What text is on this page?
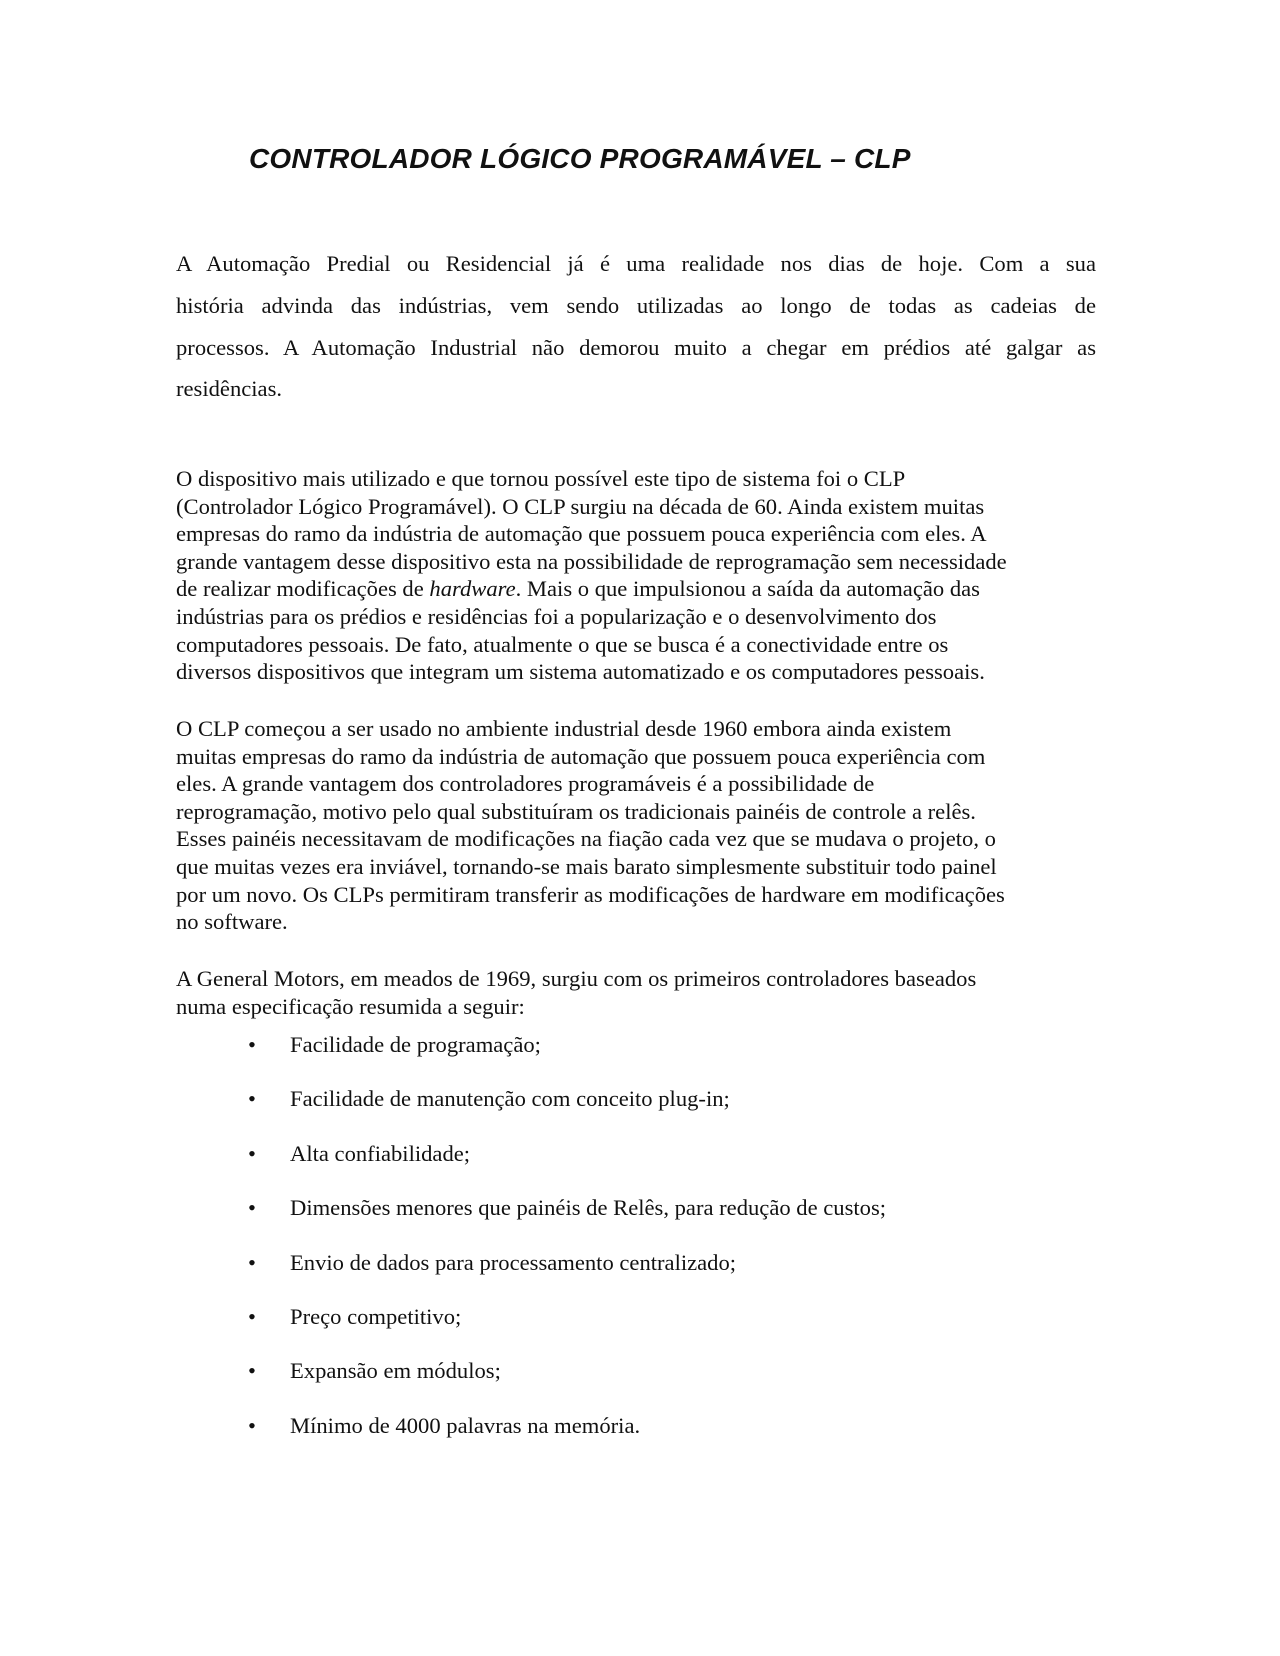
CONTROLADOR LÓGICO PROGRAMÁVEL – CLP

A Automação Predial ou Residencial já é uma realidade nos dias de hoje. Com a sua
história advinda das indústrias, vem sendo utilizadas ao longo de todas as cadeias de
processos. A Automação Industrial não demorou muito a chegar em prédios até galgar as
residências.

O dispositivo mais utilizado e que tornou possível este tipo de sistema foi o CLP
(Controlador Lógico Programável). O CLP surgiu na década de 60. Ainda existem muitas
empresas do ramo da indústria de automação que possuem pouca experiência com eles. A
grande vantagem desse dispositivo esta na possibilidade de reprogramação sem necessidade
de realizar modificações de hardware. Mais o que impulsionou a saída da automação das
indústrias para os prédios e residências foi a popularização e o desenvolvimento dos
computadores pessoais. De fato, atualmente o que se busca é a conectividade entre os
diversos dispositivos que integram um sistema automatizado e os computadores pessoais.

O CLP começou a ser usado no ambiente industrial desde 1960 embora ainda existem
muitas empresas do ramo da indústria de automação que possuem pouca experiência com
eles. A grande vantagem dos controladores programáveis é a possibilidade de
reprogramação, motivo pelo qual substituíram os tradicionais painéis de controle a relês.
Esses painéis necessitavam de modificações na fiação cada vez que se mudava o projeto, o
que muitas vezes era inviável, tornando-se mais barato simplesmente substituir todo painel
por um novo. Os CLPs permitiram transferir as modificações de hardware em modificações
no software.

A General Motors, em meados de 1969, surgiu com os primeiros controladores baseados
numa especificação resumida a seguir:

• Facilidade de programação;
• Facilidade de manutenção com conceito plug-in;
• Alta confiabilidade;
• Dimensões menores que painéis de Relês, para redução de custos;
• Envio de dados para processamento centralizado;
• Preço competitivo;
• Expansão em módulos;
• Mínimo de 4000 palavras na memória.
